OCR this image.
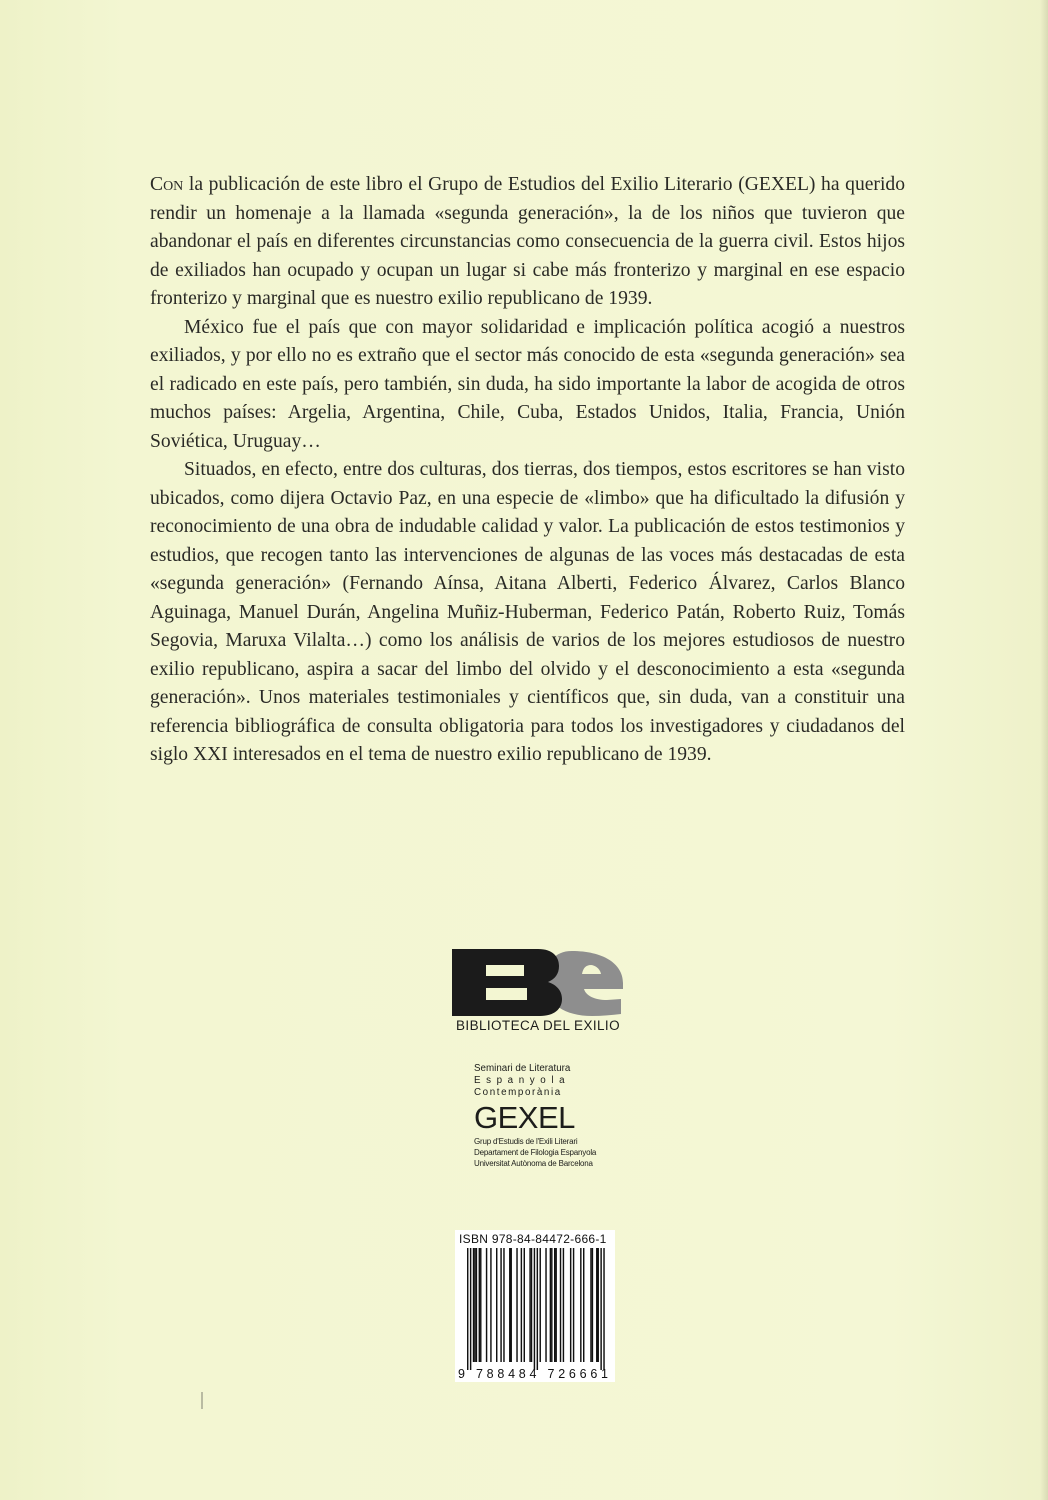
Con la publicación de este libro el Grupo de Estudios del Exilio Literario (GEXEL) ha querido rendir un homenaje a la llamada «segunda generación», la de los niños que tuvieron que abandonar el país en diferentes circunstancias como consecuencia de la guerra civil. Estos hijos de exiliados han ocupado y ocupan un lugar si cabe más fronterizo y marginal en ese espacio fronterizo y marginal que es nuestro exilio republicano de 1939.

México fue el país que con mayor solidaridad e implicación política acogió a nuestros exiliados, y por ello no es extraño que el sector más conocido de esta «segunda generación» sea el radicado en este país, pero también, sin duda, ha sido importante la labor de acogida de otros muchos países: Argelia, Argentina, Chile, Cuba, Estados Unidos, Italia, Francia, Unión Soviética, Uruguay…

Situados, en efecto, entre dos culturas, dos tierras, dos tiempos, estos escritores se han visto ubicados, como dijera Octavio Paz, en una especie de «limbo» que ha dificultado la difusión y reconocimiento de una obra de indudable calidad y valor. La publicación de estos testimonios y estudios, que recogen tanto las intervenciones de algunas de las voces más destacadas de esta «segunda generación» (Fernando Aínsa, Aitana Alberti, Federico Álvarez, Carlos Blanco Aguinaga, Manuel Durán, Angelina Muñiz-Huberman, Federico Patán, Roberto Ruiz, Tomás Segovia, Maruxa Vilalta…) como los análisis de varios de los mejores estudiosos de nuestro exilio republicano, aspira a sacar del limbo del olvido y el desconocimiento a esta «segunda generación». Unos materiales testimoniales y científicos que, sin duda, van a constituir una referencia bibliográfica de consulta obligatoria para todos los investigadores y ciudadanos del siglo XXI interesados en el tema de nuestro exilio republicano de 1939.

BIBLIOTECA DEL EXILIO
Seminari de Literatura
Espanyola
Contemporània
GEXEL
Grup d'Estudis de l'Exili Literari
Departament de Filologia Espanyola
Universitat Autònoma de Barcelona
ISBN 978-84-84472-666-1
9 788484 726661
